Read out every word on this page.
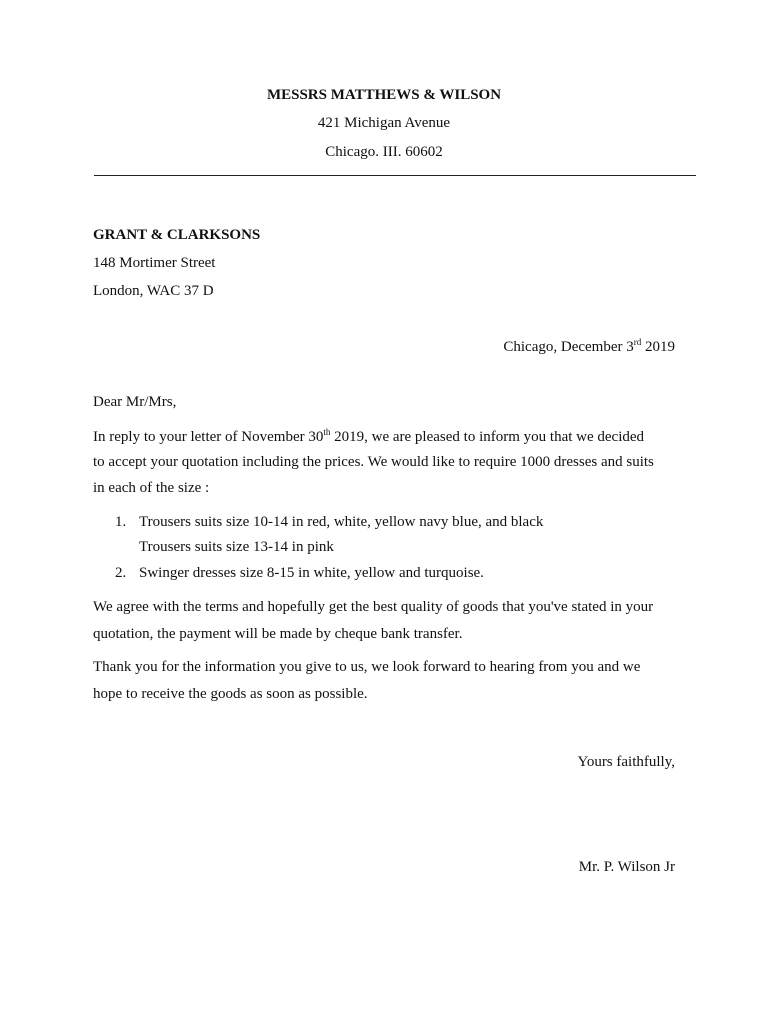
MESSRS MATTHEWS & WILSON
421 Michigan Avenue
Chicago. III. 60602
GRANT & CLARKSONS
148 Mortimer Street
London, WAC 37 D
Chicago, December 3rd 2019
Dear Mr/Mrs,
In reply to your letter of November 30th 2019, we are pleased to inform you that we decided
to accept your quotation including the prices. We would like to require 1000 dresses and suits
in each of the size :
1. Trousers suits size 10-14 in red, white, yellow navy blue, and black
Trousers suits size 13-14 in pink
2. Swinger dresses size 8-15 in white, yellow and turquoise.
We agree with the terms and hopefully get the best quality of goods that you've stated in your
quotation, the payment will be made by cheque bank transfer.
Thank you for the information you give to us, we look forward to hearing from you and we
hope to receive the goods as soon as possible.
Yours faithfully,
Mr. P. Wilson Jr
